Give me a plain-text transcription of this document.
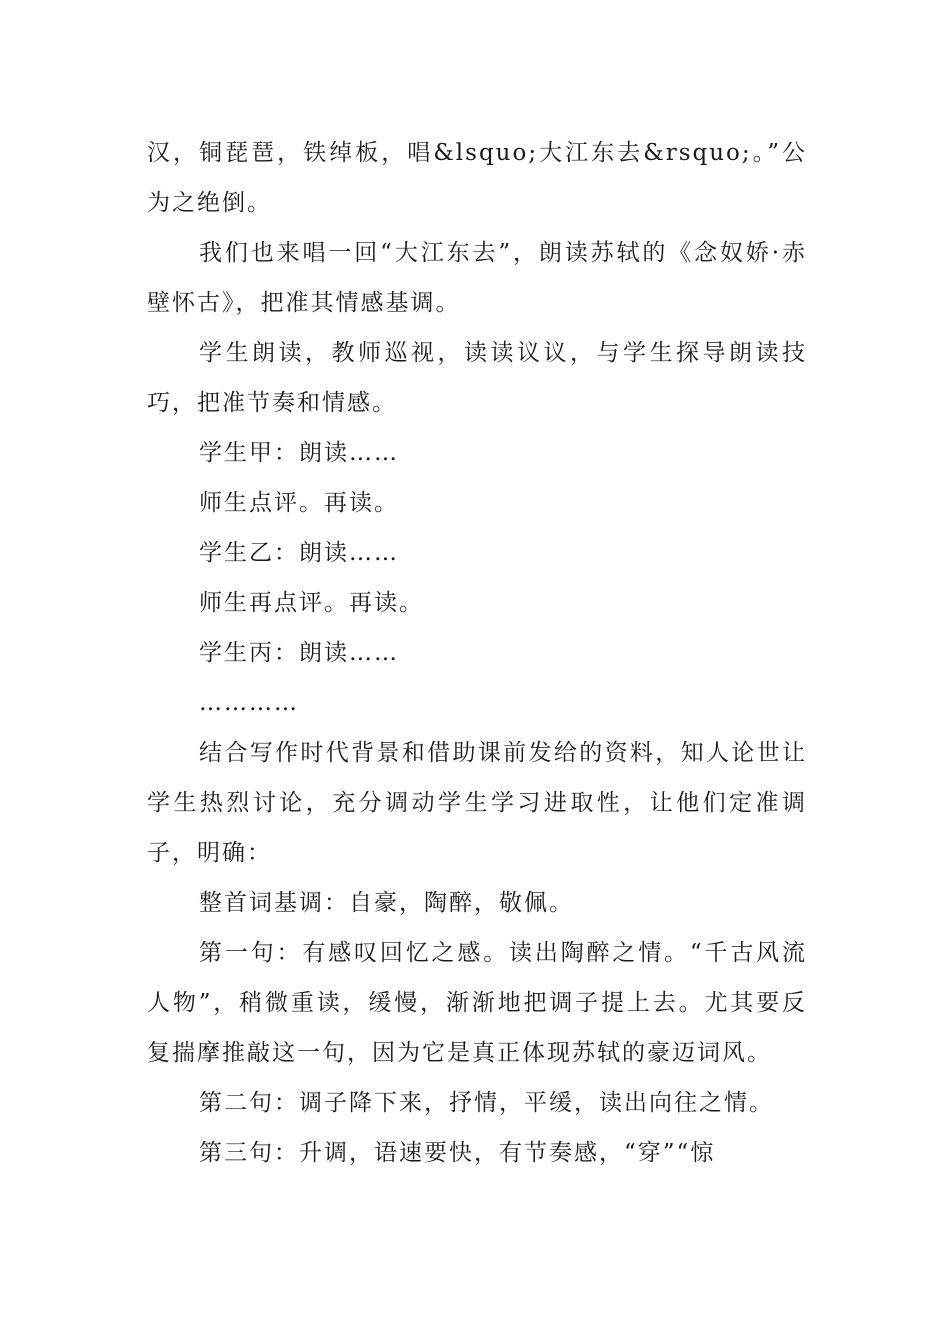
汉，铜琵琶，铁绰板，唱&lsquo;大江东去&rsquo;。”公为之绝倒。

我们也来唱一回“大江东去”，朗读苏轼的《念奴娇·赤壁怀古》，把准其情感基调。

学生朗读，教师巡视，读读议议，与学生探导朗读技巧，把准节奏和情感。

学生甲：朗读……

师生点评。再读。

学生乙：朗读……

师生再点评。再读。

学生丙：朗读……

…………

结合写作时代背景和借助课前发给的资料，知人论世让学生热烈讨论，充分调动学生学习进取性，让他们定准调子，明确：

整首词基调：自豪，陶醉，敬佩。

第一句：有感叹回忆之感。读出陶醉之情。“千古风流人物”，稍微重读，缓慢，渐渐地把调子提上去。尤其要反复揣摩推敲这一句，因为它是真正体现苏轼的豪迈词风。

第二句：调子降下来，抒情，平缓，读出向往之情。

第三句：升调，语速要快，有节奏感，“穿”“惊
